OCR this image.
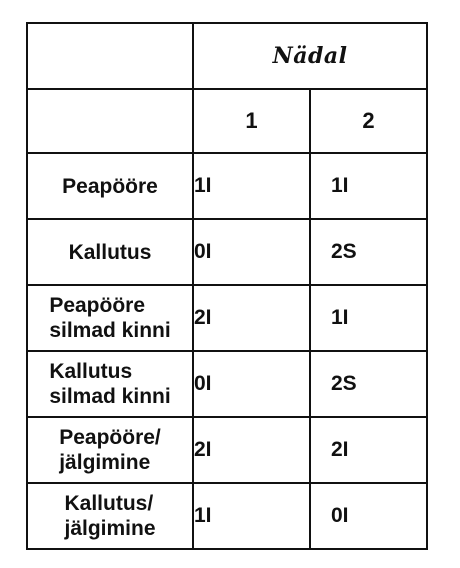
	Nädal	
	1	2
Peapööre	1I	1I
Kallutus	0I	2S
Peapööre
silmad kinni	2I	1I
Kallutus
silmad kinni	0I	2S
Peapööre/
jälgimine	2I	2I
Kallutus/
jälgimine	1I	0I
